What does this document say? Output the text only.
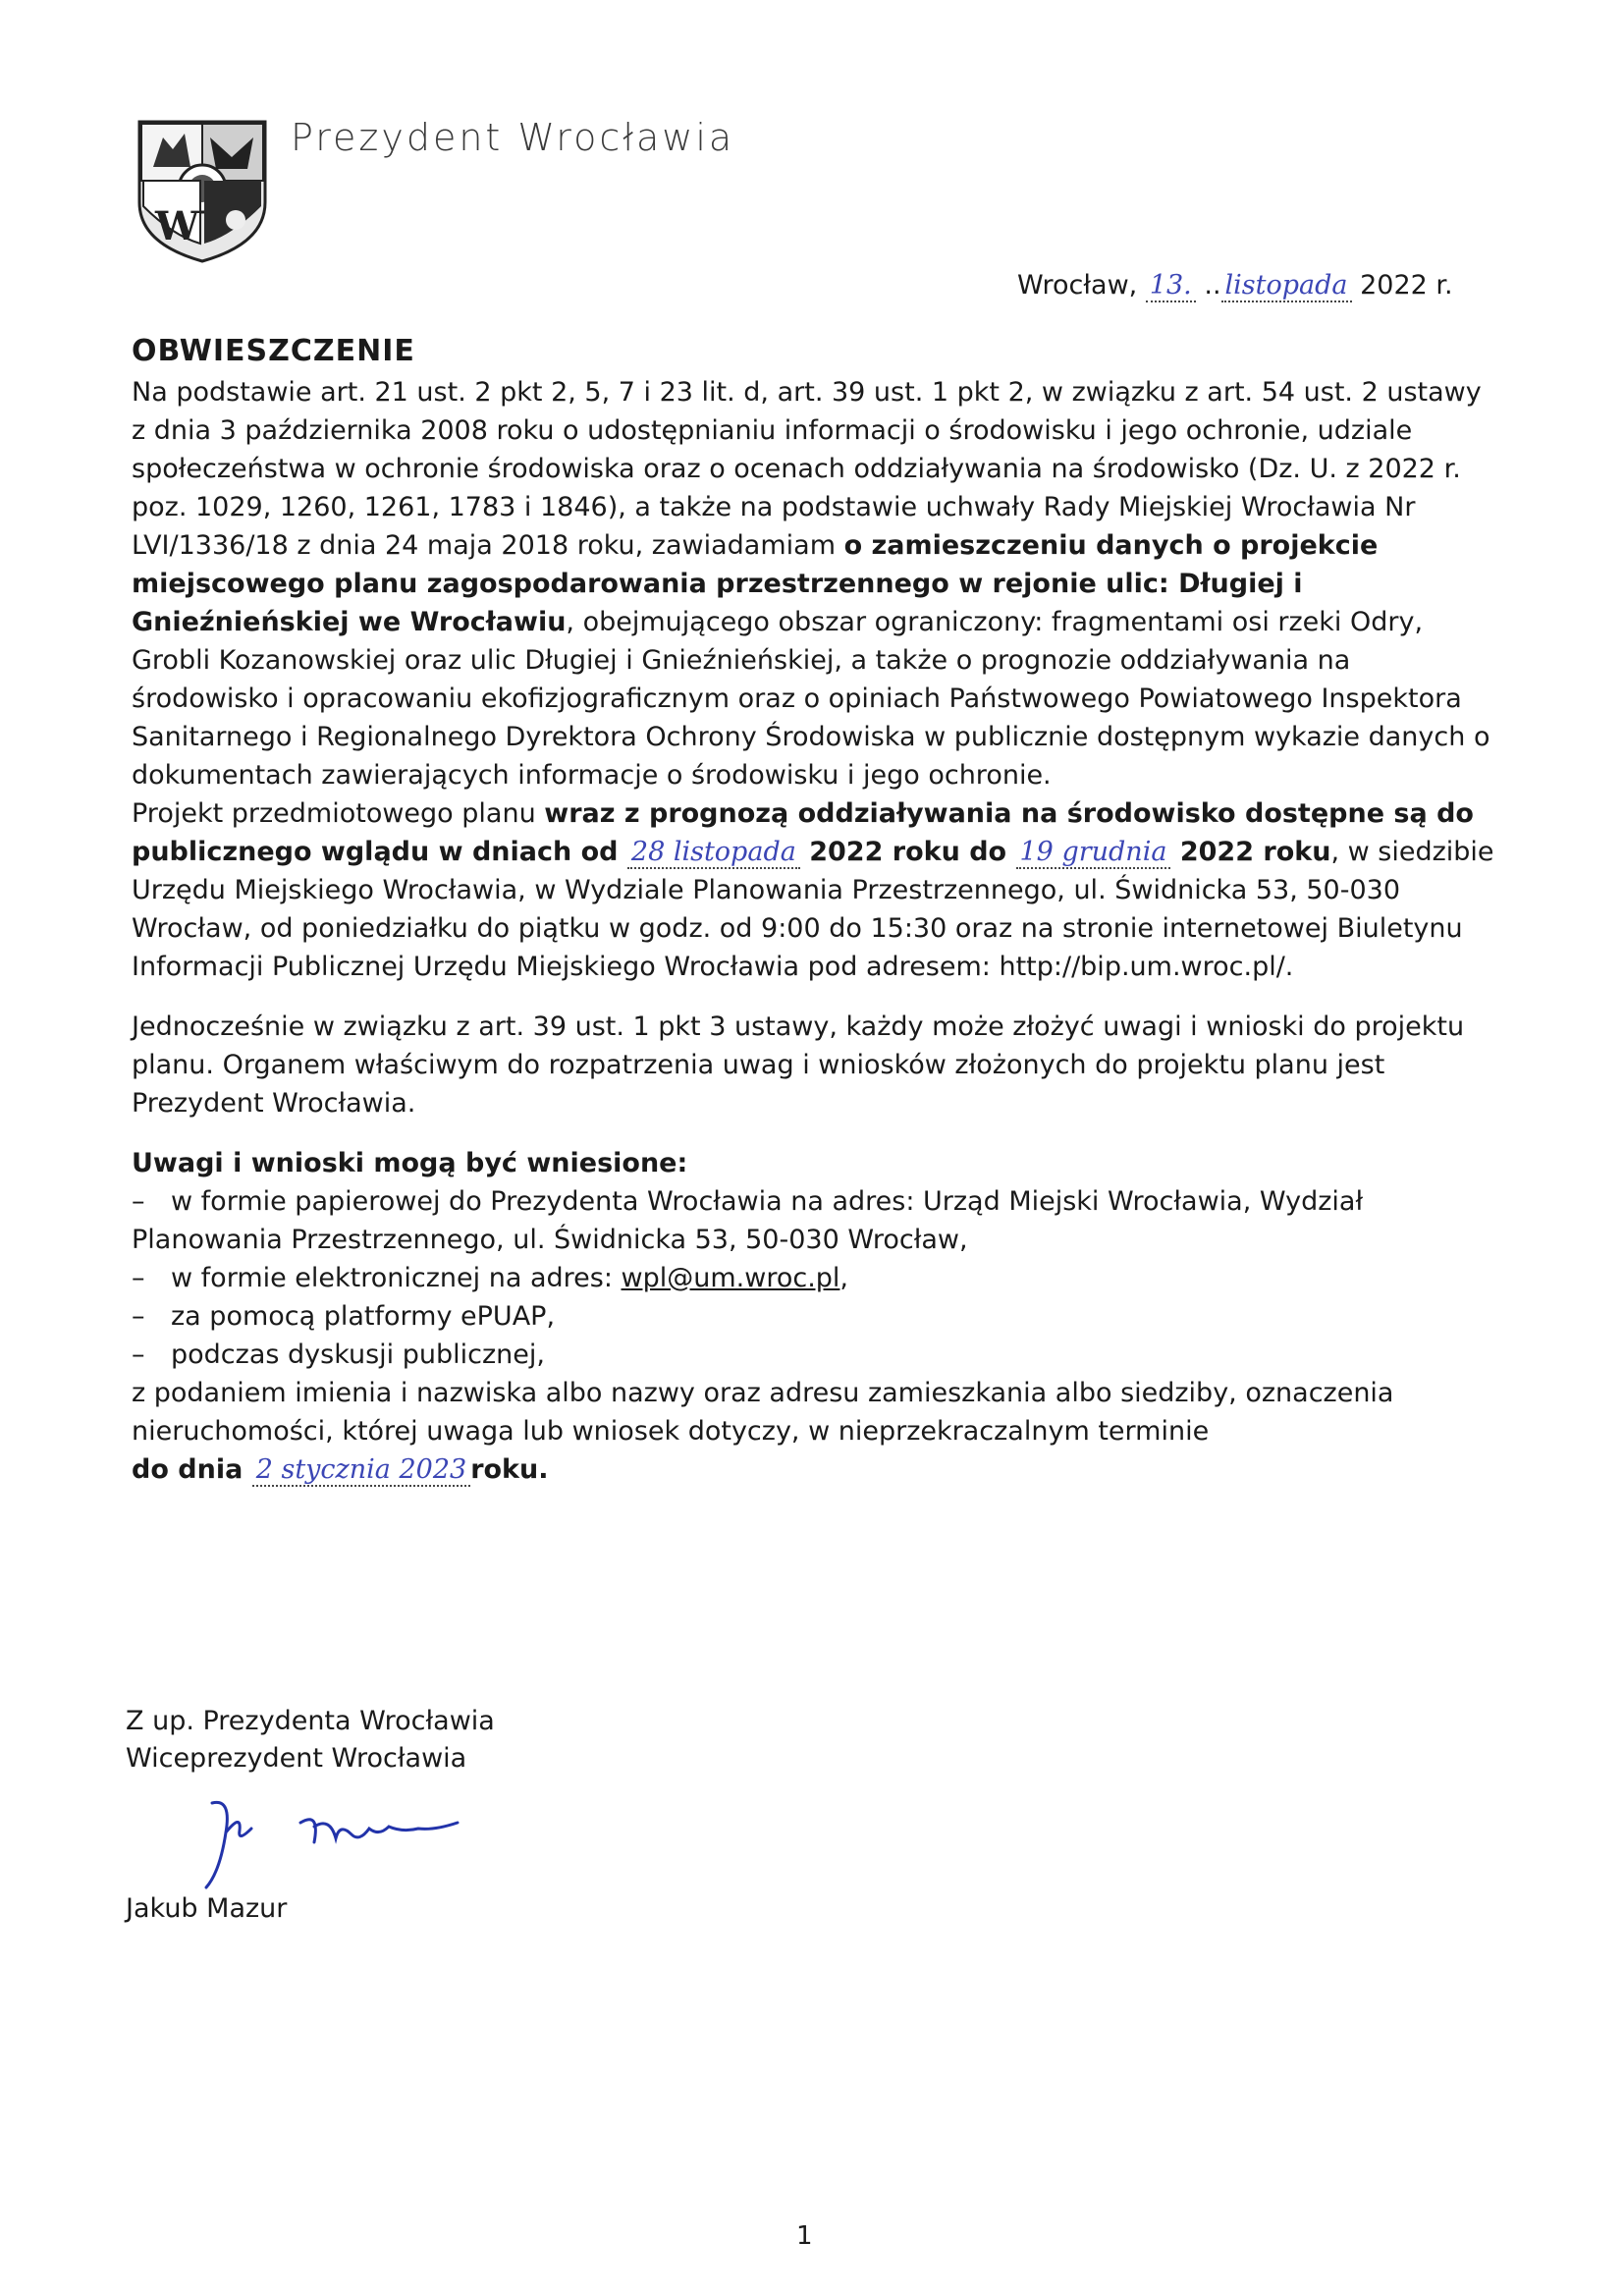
W
Prezydent Wrocławia
Wrocław, 13. .. listopada 2022 r.
OBWIESZCZENIE

Na podstawie art. 21 ust. 2 pkt 2, 5, 7 i 23 lit. d, art. 39 ust. 1 pkt 2, w związku z art. 54 ust. 2 ustawy z dnia 3 października 2008 roku o udostępnianiu informacji o środowisku i jego ochronie, udziale społeczeństwa w ochronie środowiska oraz o ocenach oddziaływania na środowisko (Dz. U. z 2022 r. poz. 1029, 1260, 1261, 1783 i 1846), a także na podstawie uchwały Rady Miejskiej Wrocławia Nr LVI/1336/18 z dnia 24 maja 2018 roku, zawiadamiam o zamieszczeniu danych o projekcie miejscowego planu zagospodarowania przestrzennego w rejonie ulic: Długiej i Gnieźnieńskiej we Wrocławiu, obejmującego obszar ograniczony: fragmentami osi rzeki Odry, Grobli Kozanowskiej oraz ulic Długiej i Gnieźnieńskiej, a także o prognozie oddziaływania na środowisko i opracowaniu ekofizjograficznym oraz o opiniach Państwowego Powiatowego Inspektora Sanitarnego i Regionalnego Dyrektora Ochrony Środowiska w publicznie dostępnym wykazie danych o dokumentach zawierających informacje o środowisku i jego ochronie.

Projekt przedmiotowego planu wraz z prognozą oddziaływania na środowisko dostępne są do publicznego wglądu w dniach od 28 listopada 2022 roku do 19 grudnia 2022 roku, w siedzibie Urzędu Miejskiego Wrocławia, w Wydziale Planowania Przestrzennego, ul. Świdnicka 53, 50-030 Wrocław, od poniedziałku do piątku w godz. od 9:00 do 15:30 oraz na stronie internetowej Biuletynu Informacji Publicznej Urzędu Miejskiego Wrocławia pod adresem: http://bip.um.wroc.pl/.

Jednocześnie w związku z art. 39 ust. 1 pkt 3 ustawy, każdy może złożyć uwagi i wnioski do projektu planu. Organem właściwym do rozpatrzenia uwag i wniosków złożonych do projektu planu jest Prezydent Wrocławia.

Uwagi i wnioski mogą być wniesione:

– w formie papierowej do Prezydenta Wrocławia na adres: Urząd Miejski Wrocławia, Wydział Planowania Przestrzennego, ul. Świdnicka 53, 50-030 Wrocław,
– w formie elektronicznej na adres: wpl@um.wroc.pl,
– za pomocą platformy ePUAP,
– podczas dyskusji publicznej,

z podaniem imienia i nazwiska albo nazwy oraz adresu zamieszkania albo siedziby, oznaczenia nieruchomości, której uwaga lub wniosek dotyczy, w nieprzekraczalnym terminie

do dnia 2 stycznia 2023 roku.

Z up. Prezydenta Wrocławia

Wiceprezydent Wrocławia

Jakub Mazur

1
